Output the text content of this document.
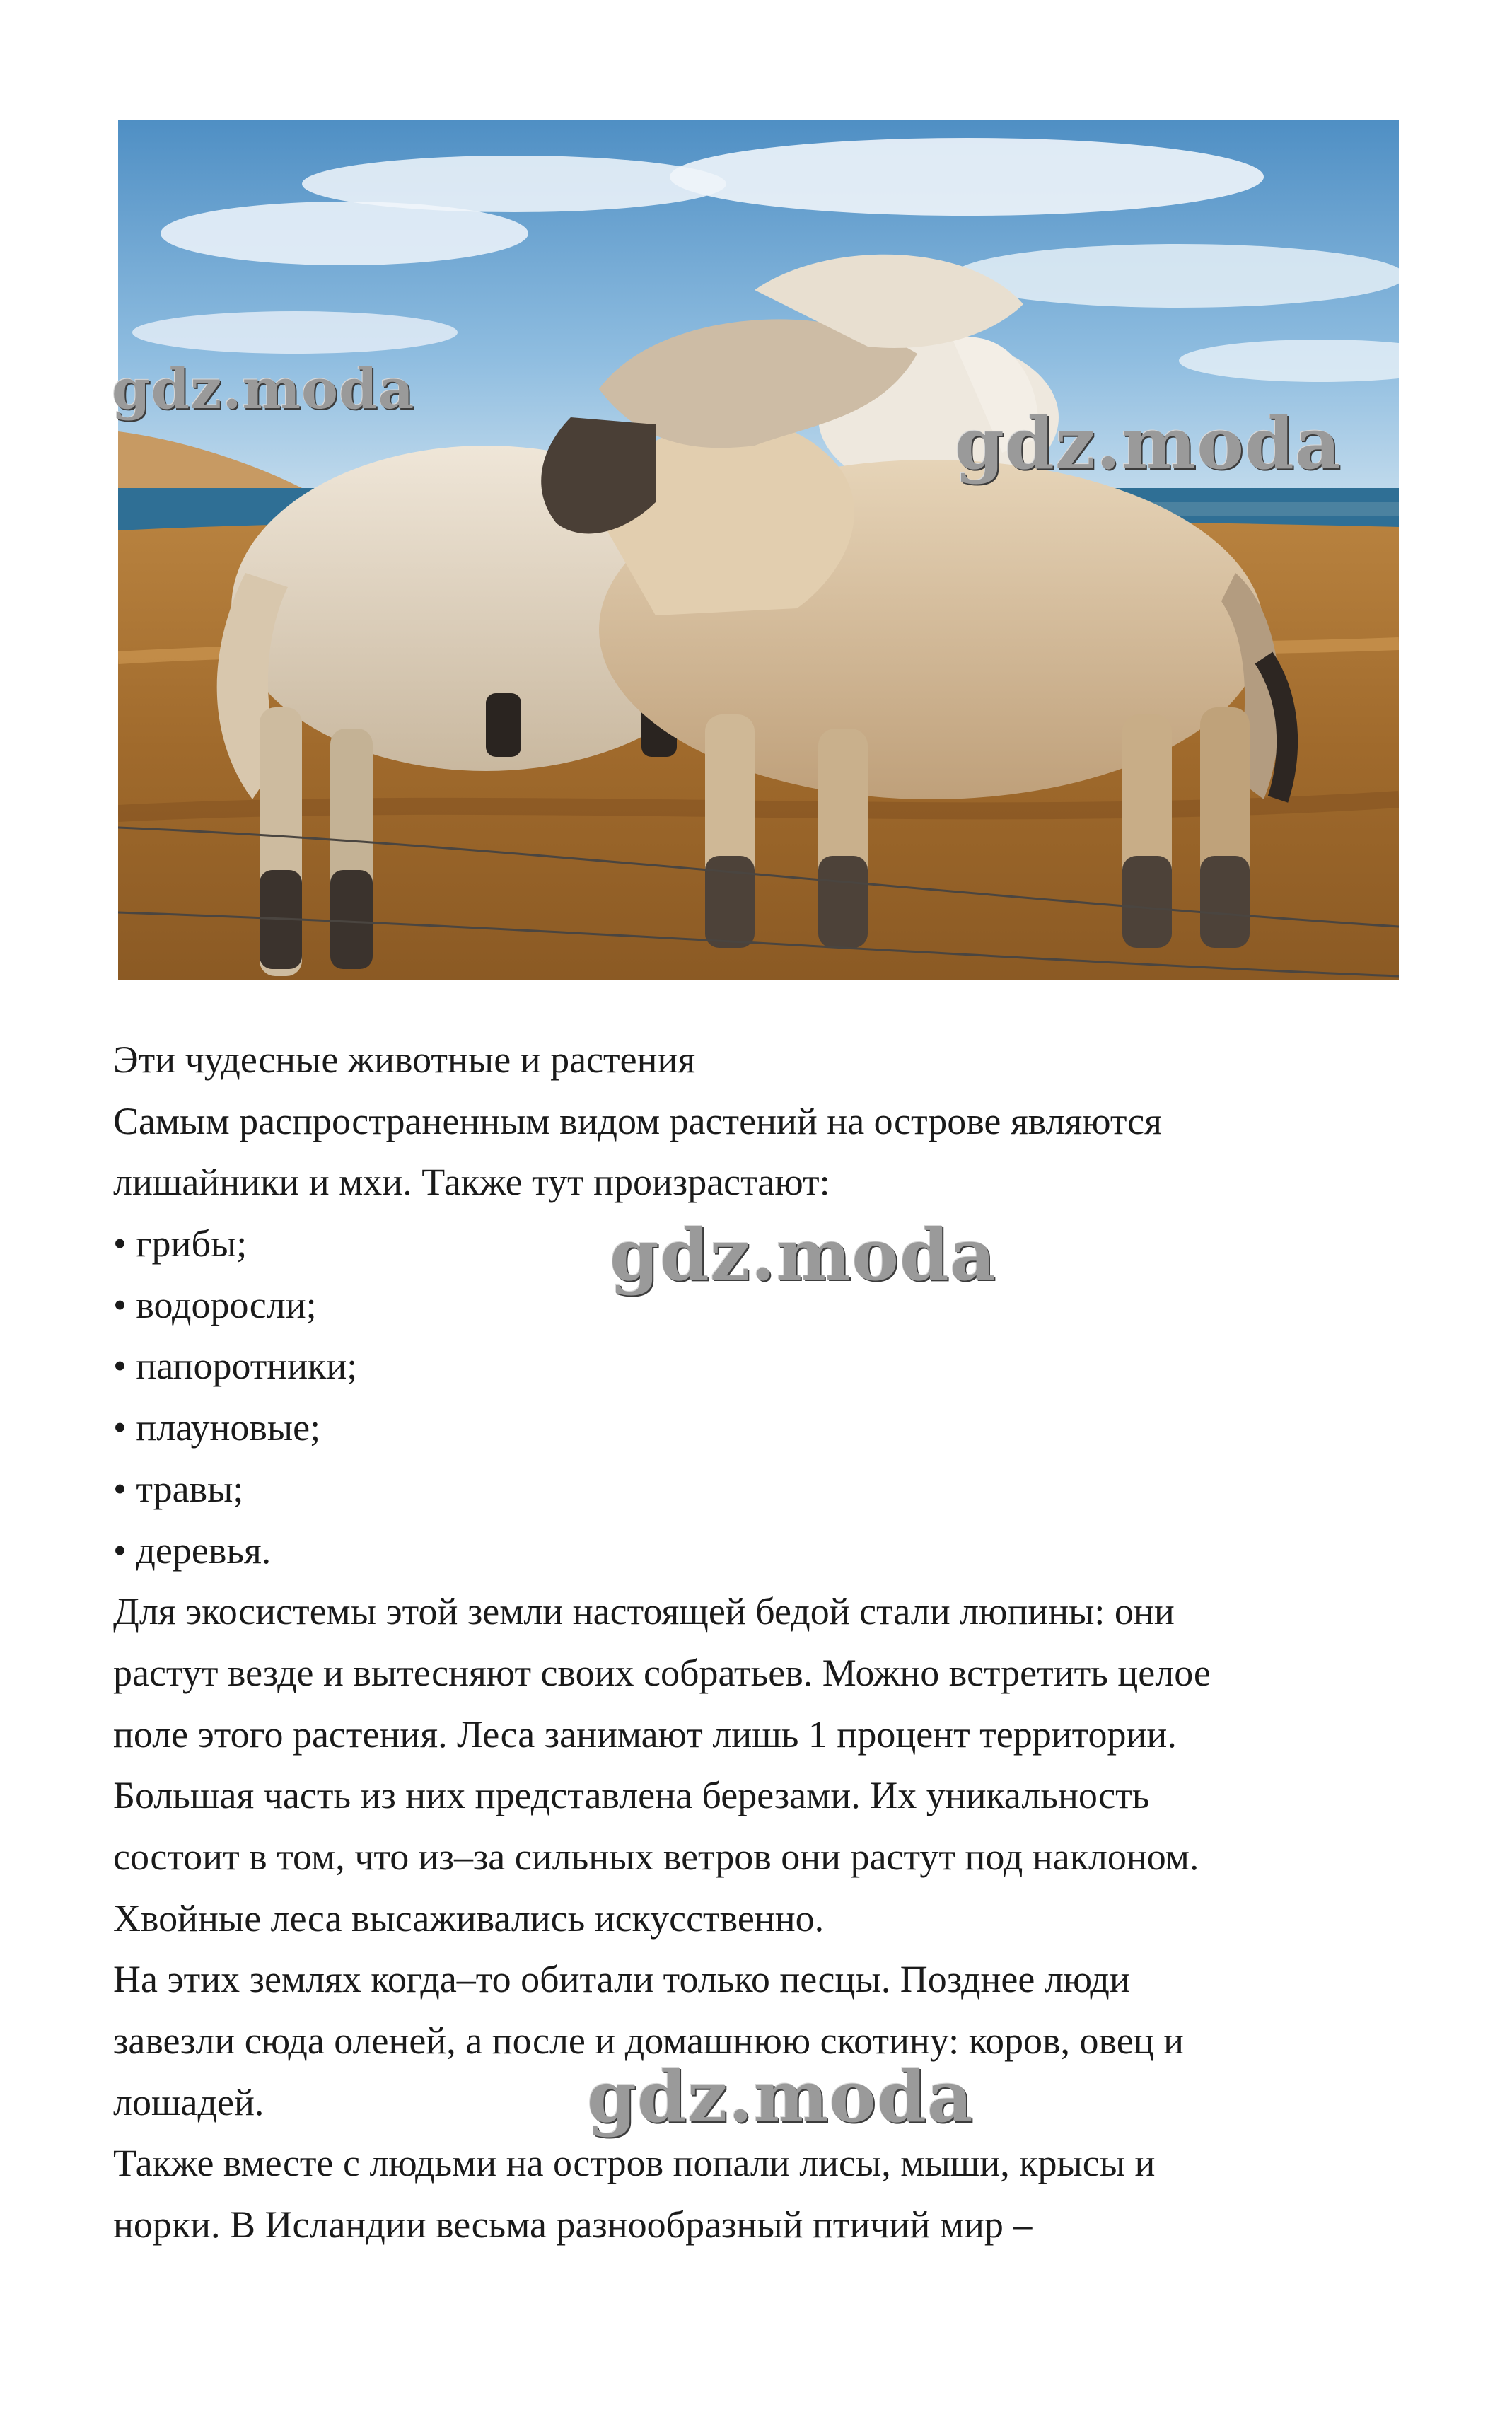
gdz.moda
gdz.moda
gdz.moda
gdz.moda
Эти чудесные животные и растения
Самым распространенным видом растений на острове являются
лишайники и мхи. Также тут произрастают:
• грибы;
• водоросли;
• папоротники;
• плауновые;
• травы;
• деревья.
Для экосистемы этой земли настоящей бедой стали люпины: они
растут везде и вытесняют своих собратьев. Можно встретить целое
поле этого растения. Леса занимают лишь 1 процент территории.
Большая часть из них представлена березами. Их уникальность
состоит в том, что из–за сильных ветров они растут под наклоном.
Хвойные леса высаживались искусственно.
На этих землях когда–то обитали только песцы. Позднее люди
завезли сюда оленей, а после и домашнюю скотину: коров, овец и
лошадей.
Также вместе с людьми на остров попали лисы, мыши, крысы и
норки. В Исландии весьма разнообразный птичий мир –
